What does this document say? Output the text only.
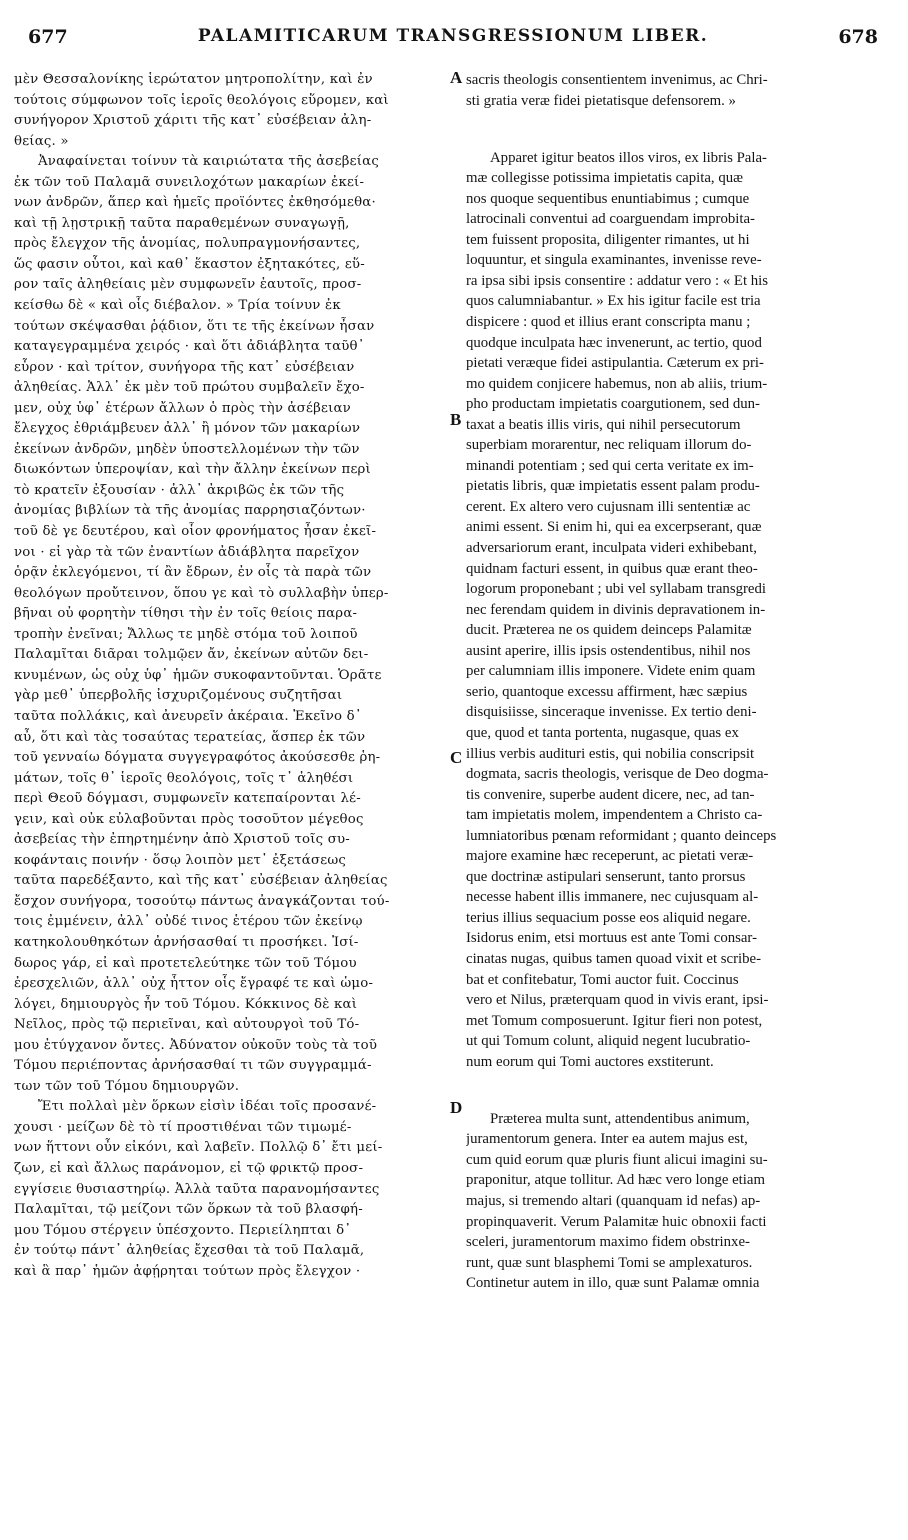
677	PALAMITICARUM TRANSGRESSIONUM LIBER.	678
A
B
C
D
μὲν Θεσσαλονίκης ἱερώτατον μητροπολίτην, καὶ ἐν
τούτοις σύμφωνον τοῖς ἱεροῖς θεολόγοις εὕρομεν, καὶ
συνήγορον Χριστοῦ χάριτι τῆς κατ᾽ εὐσέβειαν ἀλη-
θείας. »
Ἀναφαίνεται τοίνυν τὰ καιριώτατα τῆς ἀσεβείας
ἐκ τῶν τοῦ Παλαμᾶ συνειλοχότων μακαρίων ἐκεί-
νων ἀνδρῶν, ἅπερ καὶ ἡμεῖς προϊόντες ἐκθησόμεθα·
καὶ τῇ λῃστρικῇ ταῦτα παραθεμένων συναγωγῇ,
πρὸς ἔλεγχον τῆς ἀνομίας, πολυπραγμονήσαντες,
ὥς φασιν οὗτοι, καὶ καθ᾽ ἕκαστον ἐξητακότες, εὕ-
ρον ταῖς ἀληθείαις μὲν συμφωνεῖν ἑαυτοῖς, προσ-
κείσθω δὲ « καὶ οἷς διέβαλον. » Τρία τοίνυν ἐκ
τούτων σκέψασθαι ῥᾴδιον, ὅτι τε τῆς ἐκείνων ἦσαν
καταγεγραμμένα χειρός · καὶ ὅτι ἀδιάβλητα ταῦθ᾽
εὗρον · καὶ τρίτον, συνήγορα τῆς κατ᾽ εὐσέβειαν
ἀληθείας. Ἀλλ᾽ ἐκ μὲν τοῦ πρώτου συμβαλεῖν ἔχο-
μεν, οὐχ ὑφ᾽ ἑτέρων ἄλλων ὁ πρὸς τὴν ἀσέβειαν
ἔλεγχος ἐθριάμβευεν ἀλλ᾽ ἢ μόνον τῶν μακαρίων
ἐκείνων ἀνδρῶν, μηδὲν ὑποστελλομένων τὴν τῶν
διωκόντων ὑπεροψίαν, καὶ τὴν ἄλλην ἐκείνων περὶ
τὸ κρατεῖν ἐξουσίαν · ἀλλ᾽ ἀκριβῶς ἐκ τῶν τῆς
ἀνομίας βιβλίων τὰ τῆς ἀνομίας παρρησιαζόντων·
τοῦ δὲ γε δευτέρου, καὶ οἷον φρονήματος ἦσαν ἐκεῖ-
νοι · εἰ γὰρ τὰ τῶν ἐναντίων ἀδιάβλητα παρεῖχον
ὁρᾷν ἐκλεγόμενοι, τί ἂν ἔδρων, ἐν οἷς τὰ παρὰ τῶν
θεολόγων προὔτεινον, ὅπου γε καὶ τὸ συλλαβὴν ὑπερ-
βῆναι οὐ φορητὴν τίθησι τὴν ἐν τοῖς θείοις παρα-
τροπὴν ἐνεῖναι; Ἄλλως τε μηδὲ στόμα τοῦ λοιποῦ
Παλαμῖται διᾶραι τολμῷεν ἄν, ἐκείνων αὐτῶν δει-
κνυμένων, ὡς οὐχ ὑφ᾽ ἡμῶν συκοφαντοῦνται. Ὁρᾶτε
γὰρ μεθ᾽ ὑπερβολῆς ἰσχυριζομένους συζητῆσαι
ταῦτα πολλάκις, καὶ ἀνευρεῖν ἀκέραια. Ἐκεῖνο δ᾽
αὖ, ὅτι καὶ τὰς τοσαύτας τερατείας, ἅσπερ ἐκ τῶν
τοῦ γενναίω δόγματα συγγεγραφότος ἀκούσεσθε ῥη-
μάτων, τοῖς θ᾽ ἱεροῖς θεολόγοις, τοῖς τ᾽ ἀληθέσι
περὶ Θεοῦ δόγμασι, συμφωνεῖν κατεπαίρονται λέ-
γειν, καὶ οὐκ εὐλαβοῦνται πρὸς τοσοῦτον μέγεθος
ἀσεβείας τὴν ἐπηρτημένην ἀπὸ Χριστοῦ τοῖς συ-
κοφάνταις ποινήν · ὅσῳ λοιπὸν μετ᾽ ἐξετάσεως
ταῦτα παρεδέξαντο, καὶ τῆς κατ᾽ εὐσέβειαν ἀληθείας
ἔσχον συνήγορα, τοσούτῳ πάντως ἀναγκάζονται τού-
τοις ἐμμένειν, ἀλλ᾽ οὐδέ τινος ἑτέρου τῶν ἐκείνῳ
κατηκολουθηκότων ἀρνήσασθαί τι προσήκει. Ἰσί-
δωρος γάρ, εἰ καὶ προτετελεύτηκε τῶν τοῦ Τόμου
ἐρεσχελιῶν, ἀλλ᾽ οὐχ ἧττον οἷς ἔγραφέ τε καὶ ὡμο-
λόγει, δημιουργὸς ἦν τοῦ Τόμου. Κόκκινος δὲ καὶ
Νεῖλος, πρὸς τῷ περιεῖναι, καὶ αὐτουργοὶ τοῦ Τό-
μου ἐτύγχανον ὄντες. Ἀδύνατον οὐκοῦν τοὺς τὰ τοῦ
Τόμου περιέποντας ἀρνήσασθαί τι τῶν συγγραμμά-
των τῶν τοῦ Τόμου δημιουργῶν.
Ἔτι πολλαὶ μὲν ὅρκων εἰσὶν ἰδέαι τοῖς προσανέ-
χουσι · μείζων δὲ τὸ τί προστιθέναι τῶν τιμωμέ-
νων ἥττονι οὖν εἰκόνι, καὶ λαβεῖν. Πολλῷ δ᾽ ἔτι μεί-
ζων, εἰ καὶ ἄλλως παράνομον, εἰ τῷ φρικτῷ προσ-
εγγίσειε θυσιαστηρίῳ. Ἀλλὰ ταῦτα παρανομήσαντες
Παλαμῖται, τῷ μείζονι τῶν ὅρκων τὰ τοῦ βλασφή-
μου Τόμου στέργειν ὑπέσχοντο. Περιείληπται δ᾽
ἐν τούτῳ πάντ᾽ ἀληθείας ἔχεσθαι τὰ τοῦ Παλαμᾶ,
καὶ ἃ παρ᾽ ἡμῶν ἀφῄρηται τούτων πρὸς ἔλεγχον ·
sacris theologis consentientem invenimus, ac Chri-
sti gratia veræ fidei pietatisque defensorem. »
Apparet igitur beatos illos viros, ex libris Pala-
mæ collegisse potissima impietatis capita, quæ
nos quoque sequentibus enuntiabimus ; cumque
latrocinali conventui ad coarguendam improbita-
tem fuissent proposita, diligenter rimantes, ut hi
loquuntur, et singula examinantes, invenisse reve-
ra ipsa sibi ipsis consentire : addatur vero : « Et his
quos calumniabantur. » Ex his igitur facile est tria
dispicere : quod et illius erant conscripta manu ;
quodque inculpata hæc invenerunt, ac tertio, quod
pietati veræque fidei astipulantia. Cæterum ex pri-
mo quidem conjicere habemus, non ab aliis, trium-
pho productam impietatis coargutionem, sed dun-
taxat a beatis illis viris, qui nihil persecutorum
superbiam morarentur, nec reliquam illorum do-
minandi potentiam ; sed qui certa veritate ex im-
pietatis libris, quæ impietatis essent palam produ-
cerent. Ex altero vero cujusnam illi sententiæ ac
animi essent. Si enim hi, qui ea excerpserant, quæ
adversariorum erant, inculpata videri exhibebant,
quidnam facturi essent, in quibus quæ erant theo-
logorum proponebant ; ubi vel syllabam transgredi
nec ferendam quidem in divinis depravationem in-
ducit. Præterea ne os quidem deinceps Palamitæ
ausint aperire, illis ipsis ostendentibus, nihil nos
per calumniam illis imponere. Videte enim quam
serio, quantoque excessu affirment, hæc sæpius
disquisiisse, sinceraque invenisse. Ex tertio deni-
que, quod et tanta portenta, nugasque, quas ex
illius verbis audituri estis, qui nobilia conscripsit
dogmata, sacris theologis, verisque de Deo dogma-
tis convenire, superbe audent dicere, nec, ad tan-
tam impietatis molem, impendentem a Christo ca-
lumniatoribus pœnam reformidant ; quanto deinceps
majore examine hæc receperunt, ac pietati veræ-
que doctrinæ astipulari senserunt, tanto prorsus
necesse habent illis immanere, nec cujusquam al-
terius illius sequacium posse eos aliquid negare.
Isidorus enim, etsi mortuus est ante Tomi consar-
cinatas nugas, quibus tamen quoad vixit et scribe-
bat et confitebatur, Tomi auctor fuit. Coccinus
vero et Nilus, præterquam quod in vivis erant, ipsi-
met Tomum composuerunt. Igitur fieri non potest,
ut qui Tomum colunt, aliquid negent lucubratio-
num eorum qui Tomi auctores exstiterunt.
Præterea multa sunt, attendentibus animum,
juramentorum genera. Inter ea autem majus est,
cum quid eorum quæ pluris fiunt alicui imagini su-
praponitur, atque tollitur. Ad hæc vero longe etiam
majus, si tremendo altari (quanquam id nefas) ap-
propinquaverit. Verum Palamitæ huic obnoxii facti
sceleri, juramentorum maximo fidem obstrinxe-
runt, quæ sunt blasphemi Tomi se amplexaturos.
Continetur autem in illo, quæ sunt Palamæ omnia
